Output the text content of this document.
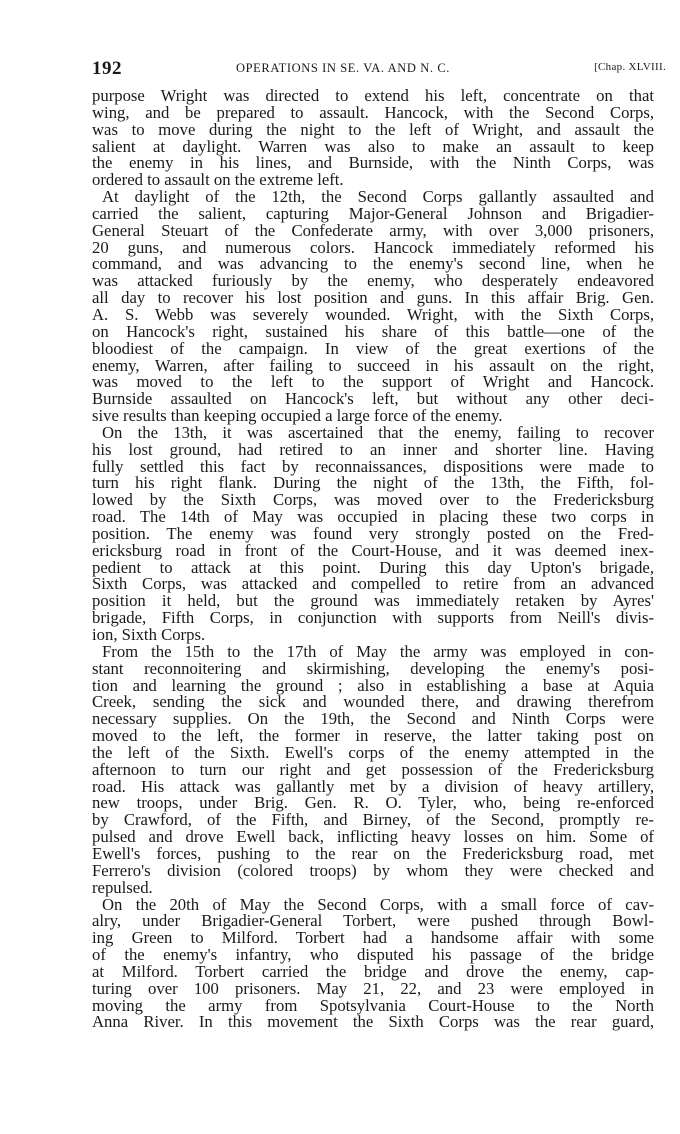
192	OPERATIONS IN SE. VA. AND N. C.	[Chap. XLVIII.
purpose Wright was directed to extend his left, concentrate on that
wing, and be prepared to assault. Hancock, with the Second Corps,
was to move during the night to the left of Wright, and assault the
salient at daylight. Warren was also to make an assault to keep
the enemy in his lines, and Burnside, with the Ninth Corps, was
ordered to assault on the extreme left.
At daylight of the 12th, the Second Corps gallantly assaulted and
carried the salient, capturing Major-General Johnson and Brigadier-
General Steuart of the Confederate army, with over 3,000 prisoners,
20 guns, and numerous colors. Hancock immediately reformed his
command, and was advancing to the enemy's second line, when he
was attacked furiously by the enemy, who desperately endeavored
all day to recover his lost position and guns. In this affair Brig. Gen.
A. S. Webb was severely wounded. Wright, with the Sixth Corps,
on Hancock's right, sustained his share of this battle—one of the
bloodiest of the campaign. In view of the great exertions of the
enemy, Warren, after failing to succeed in his assault on the right,
was moved to the left to the support of Wright and Hancock.
Burnside assaulted on Hancock's left, but without any other deci-
sive results than keeping occupied a large force of the enemy.
On the 13th, it was ascertained that the enemy, failing to recover
his lost ground, had retired to an inner and shorter line. Having
fully settled this fact by reconnaissances, dispositions were made to
turn his right flank. During the night of the 13th, the Fifth, fol-
lowed by the Sixth Corps, was moved over to the Fredericksburg
road. The 14th of May was occupied in placing these two corps in
position. The enemy was found very strongly posted on the Fred-
ericksburg road in front of the Court-House, and it was deemed inex-
pedient to attack at this point. During this day Upton's brigade,
Sixth Corps, was attacked and compelled to retire from an advanced
position it held, but the ground was immediately retaken by Ayres'
brigade, Fifth Corps, in conjunction with supports from Neill's divis-
ion, Sixth Corps.
From the 15th to the 17th of May the army was employed in con-
stant reconnoitering and skirmishing, developing the enemy's posi-
tion and learning the ground ; also in establishing a base at Aquia
Creek, sending the sick and wounded there, and drawing therefrom
necessary supplies. On the 19th, the Second and Ninth Corps were
moved to the left, the former in reserve, the latter taking post on
the left of the Sixth. Ewell's corps of the enemy attempted in the
afternoon to turn our right and get possession of the Fredericksburg
road. His attack was gallantly met by a division of heavy artillery,
new troops, under Brig. Gen. R. O. Tyler, who, being re-enforced
by Crawford, of the Fifth, and Birney, of the Second, promptly re-
pulsed and drove Ewell back, inflicting heavy losses on him. Some of
Ewell's forces, pushing to the rear on the Fredericksburg road, met
Ferrero's division (colored troops) by whom they were checked and
repulsed.
On the 20th of May the Second Corps, with a small force of cav-
alry, under Brigadier-General Torbert, were pushed through Bowl-
ing Green to Milford. Torbert had a handsome affair with some
of the enemy's infantry, who disputed his passage of the bridge
at Milford. Torbert carried the bridge and drove the enemy, cap-
turing over 100 prisoners. May 21, 22, and 23 were employed in
moving the army from Spotsylvania Court-House to the North
Anna River. In this movement the Sixth Corps was the rear guard,
